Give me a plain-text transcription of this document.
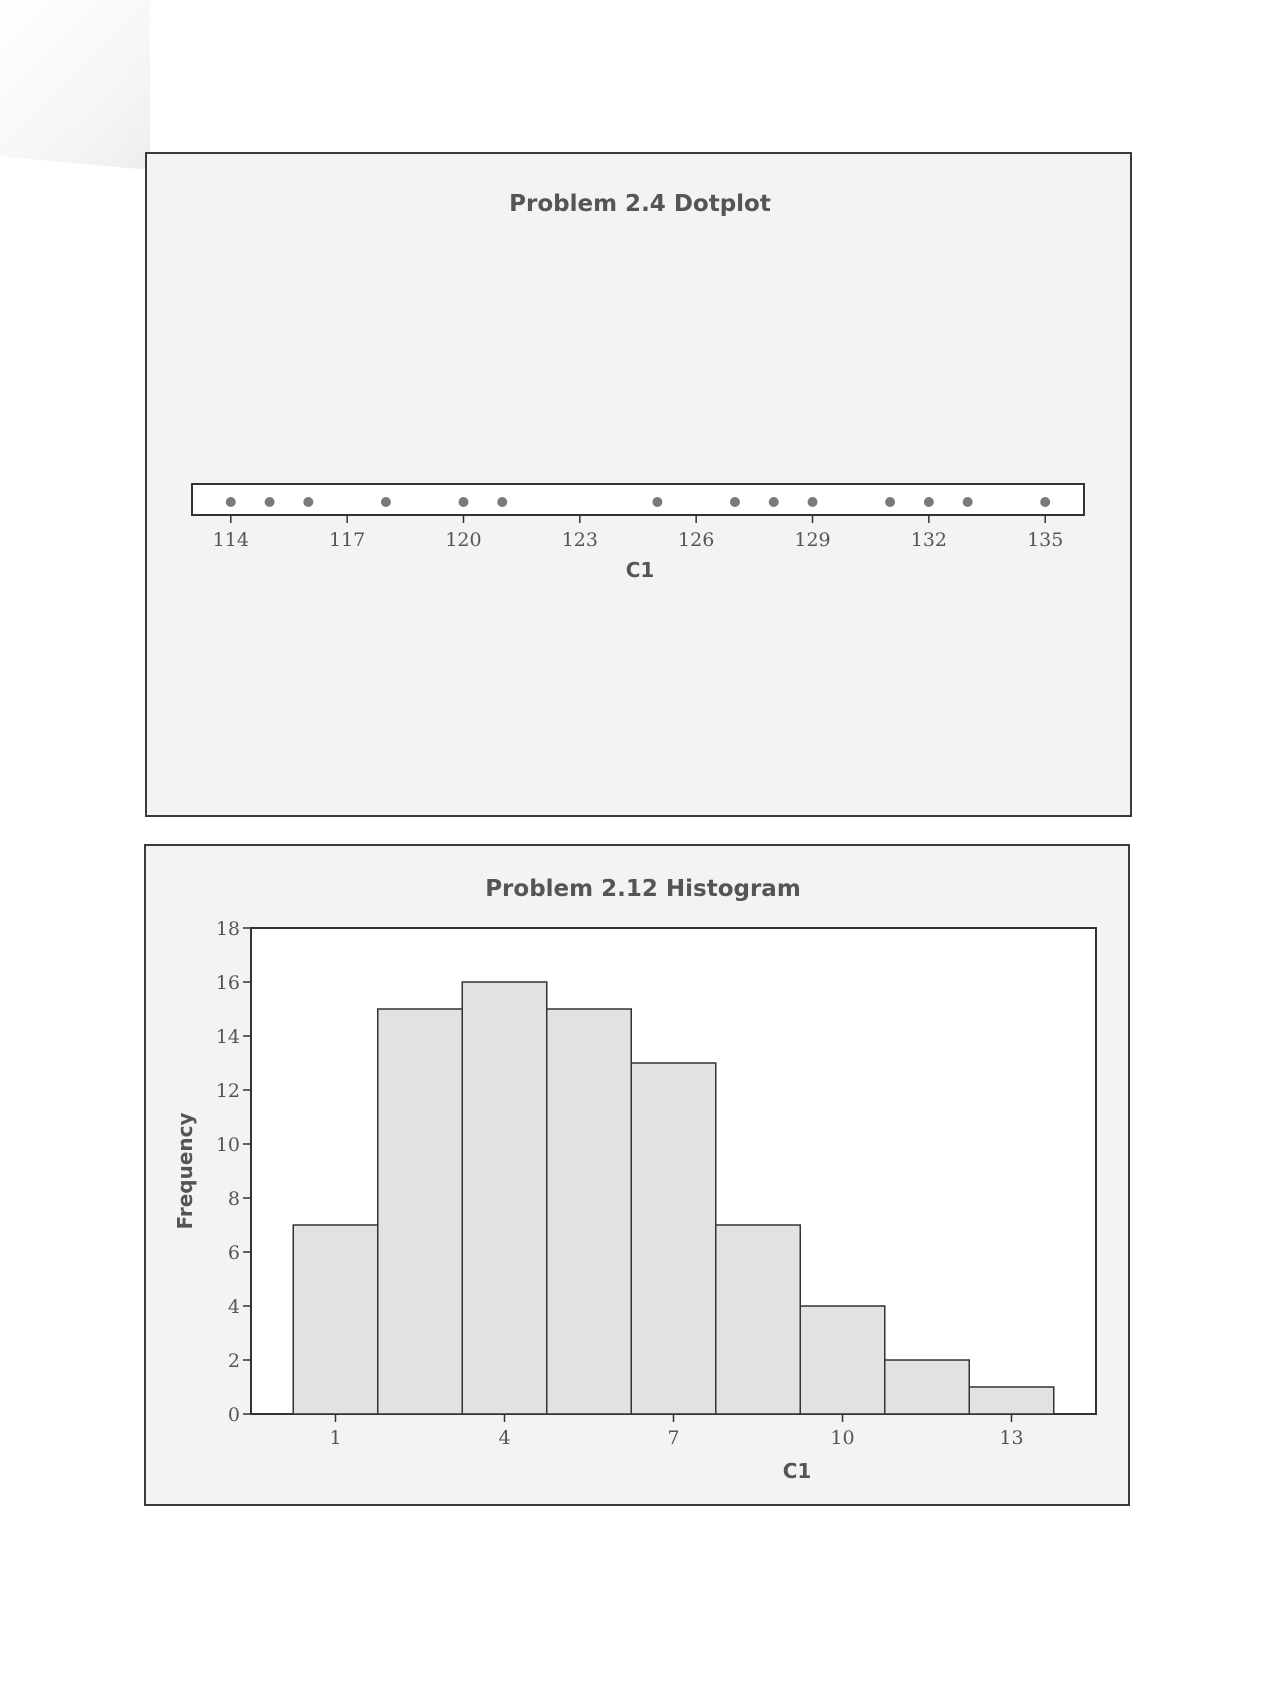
Problem 2.4 Dotplot
114	117	120	123	126	129	132	135
C1
Problem 2.12 Histogram
0
2
4
6
8
10
12
14
16
18
1	4	7	10	13
C1
Frequency
